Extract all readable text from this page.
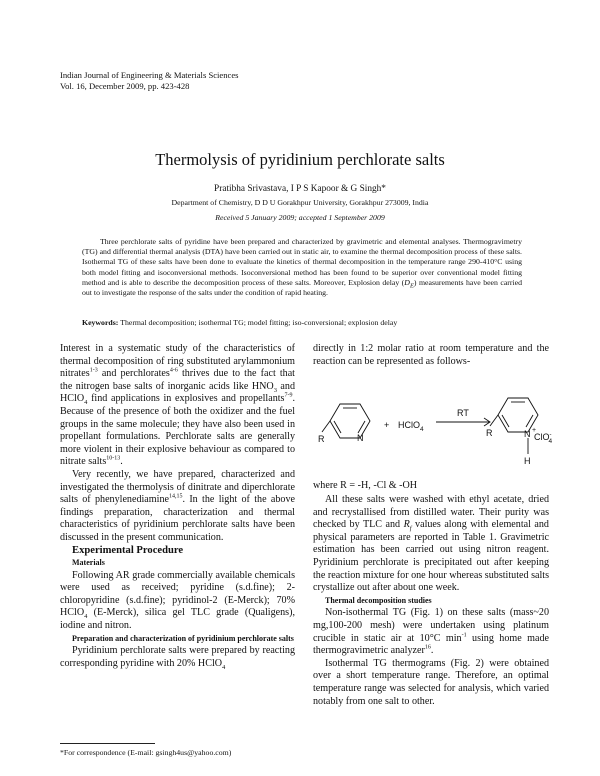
Indian Journal of Engineering & Materials Sciences
Vol. 16, December 2009, pp. 423-428
Thermolysis of pyridinium perchlorate salts
Pratibha Srivastava, I P S Kapoor & G Singh*
Department of Chemistry, D D U Gorakhpur University, Gorakhpur 273009, India
Received 5 January 2009; accepted 1 September 2009
Three perchlorate salts of pyridine have been prepared and characterized by gravimetric and elemental analyses. Thermogravimetry (TG) and differential thermal analysis (DTA) have been carried out in static air, to examine the thermal decomposition process of these salts. Isothermal TG of these salts have been done to evaluate the kinetics of thermal decomposition in the temperature range 290-410°C using both model fitting and isoconversional methods. Isoconversional method has been found to be superior over conventional model fitting method and is able to describe the decomposition process of these salts. Moreover, Explosion delay $(D_E)$ measurements have been carried out to investigate the response of the salts under the condition of rapid heating.
Keywords: Thermal decomposition; isothermal TG; model fitting; iso-conversional; explosion delay

Interest in a systematic study of the characteristics of thermal decomposition of ring substituted arylammonium nitrates$^{1-3}$ and perchlorates$^{4-6}$ thrives due to the fact that the nitrogen base salts of inorganic acids like $HNO_3$ and HClO$_4$ find applications in explosives and propellants$^{7-9}$. Because of the presence of both the oxidizer and the fuel groups in the same molecule; they have also been used in propellant formulations. Perchlorate salts are generally more violent in their explosive behaviour as compared to nitrate salts$^{10-13}$.

Very recently, we have prepared, characterized and investigated the thermolysis of dinitrate and diperchlorate salts of phenylenediamine$^{14,15}$. In the light of the above findings preparation, characterization and thermal characteristics of pyridinium perchlorate salts have been discussed in the present communication.

Experimental Procedure

Materials

Following AR grade commercially available chemicals were used as received; pyridine (s.d.fine); 2-chloropyridine (s.d.fine); pyridinol-2 (E-Merck); 70% HClO$_4$ (E-Merck), silica gel TLC grade (Qualigens), iodine and nitron.

Preparation and characterization of pyridinium perchlorate salts

Pyridinium perchlorate salts were prepared by reacting corresponding pyridine with 20% HClO$_4$

directly in 1:2 molar ratio at room temperature and the reaction can be represented as follows-

N
R
+ HClO$_4$
RT
N +
R
H
ClO-4
where R = -H, -Cl & -OH

All these salts were washed with ethyl acetate, dried and recrystallised from distilled water. Their purity was checked by TLC and $R_f$ values along with elemental and physical parameters are reported in Table 1. Gravimetric estimation has been carried out using nitron reagent. Pyridinium perchlorate is precipitated out after keeping the reaction mixture for one hour whereas substituted salts crystallize out after about one week.

Thermal decomposition studies

Non-isothermal TG (Fig. 1) on these salts (mass~20 mg,100-200 mesh) were undertaken using platinum crucible in static air at 10°C $\min^{-1} using$ home made thermogravimetric analyzer$^{16}$.

Isothermal TG thermograms (Fig. 2) were obtained over a short temperature range. Therefore, an optimal temperature range was selected for analysis, which varied notably from one salt to other.

*For correspondence (E-mail: gsingh4us@yahoo.com)
